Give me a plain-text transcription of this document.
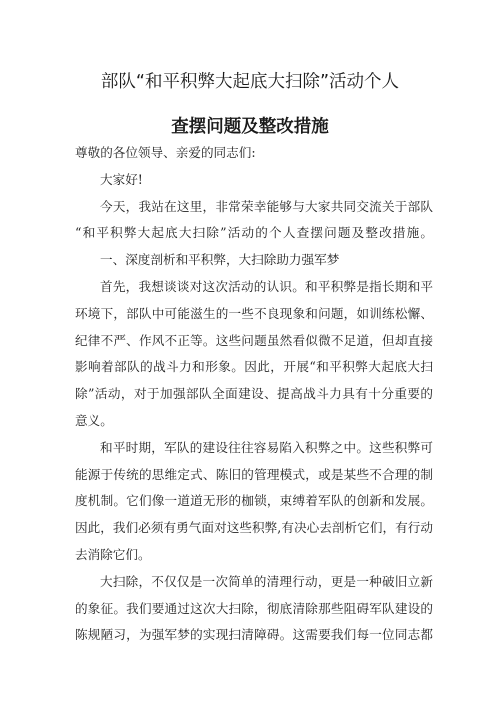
部队“和平积弊大起底大扫除”活动个人
查摆问题及整改措施
尊敬的各位领导、亲爱的同志们:
大家好!
今天，我站在这里，非常荣幸能够与大家共同交流关于部队
“和平积弊大起底大扫除”活动的个人查摆问题及整改措施。
一、深度剖析和平积弊，大扫除助力强军梦
首先，我想谈谈对这次活动的认识。和平积弊是指长期和平
环境下，部队中可能滋生的一些不良现象和问题，如训练松懈、
纪律不严、作风不正等。这些问题虽然看似微不足道，但却直接
影响着部队的战斗力和形象。因此，开展“和平积弊大起底大扫
除”活动，对于加强部队全面建设、提高战斗力具有十分重要的
意义。
和平时期，军队的建设往往容易陷入积弊之中。这些积弊可
能源于传统的思维定式、陈旧的管理模式，或是某些不合理的制
度机制。它们像一道道无形的枷锁，束缚着军队的创新和发展。
因此，我们必须有勇气面对这些积弊,有决心去剖析它们，有行动
去消除它们。
大扫除，不仅仅是一次简单的清理行动，更是一种破旧立新
的象征。我们要通过这次大扫除，彻底清除那些阻碍军队建设的
陈规陋习，为强军梦的实现扫清障碍。这需要我们每一位同志都
